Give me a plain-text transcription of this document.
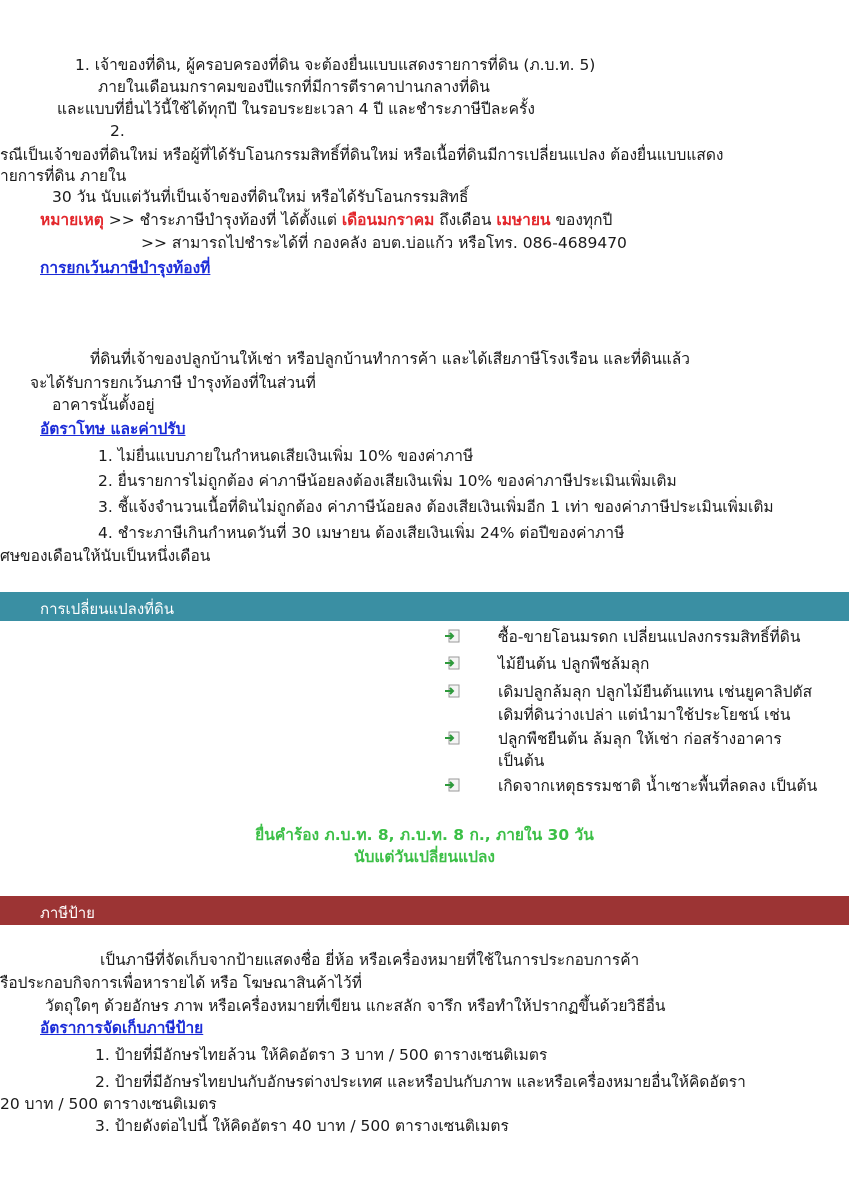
1. เจ้าของที่ดิน, ผู้ครอบครองที่ดิน จะต้องยื่นแบบแสดงรายการที่ดิน (ภ.บ.ท. 5)
ภายในเดือนมกราคมของปีแรกที่มีการตีราคาปานกลางที่ดิน
และแบบที่ยื่นไว้นี้ใช้ได้ทุกปี ในรอบระยะเวลา 4 ปี และชำระภาษีปีละครั้ง
2.
รณีเป็นเจ้าของที่ดินใหม่ หรือผู้ที่ได้รับโอนกรรมสิทธิ์ที่ดินใหม่ หรือเนื้อที่ดินมีการเปลี่ยนแปลง ต้องยื่นแบบแสดง
ายการที่ดิน ภายใน
30 วัน นับแต่วันที่เป็นเจ้าของที่ดินใหม่ หรือได้รับโอนกรรมสิทธิ์
หมายเหตุ >> ชำระภาษีบำรุงท้องที่ ได้ตั้งแต่ เดือนมกราคม ถึงเดือน เมษายน ของทุกปี
>> สามารถไปชำระได้ที่ กองคลัง อบต.บ่อแก้ว หรือโทร. 086-4689470
การยกเว้นภาษีบำรุงท้องที่
ที่ดินที่เจ้าของปลูกบ้านให้เช่า หรือปลูกบ้านทำการค้า และได้เสียภาษีโรงเรือน และที่ดินแล้ว
จะได้รับการยกเว้นภาษี บำรุงท้องที่ในส่วนที่
อาคารนั้นตั้งอยู่
อัตราโทษ และค่าปรับ
1. ไม่ยื่นแบบภายในกำหนดเสียเงินเพิ่ม 10% ของค่าภาษี
2. ยื่นรายการไม่ถูกต้อง ค่าภาษีน้อยลงต้องเสียเงินเพิ่ม 10% ของค่าภาษีประเมินเพิ่มเติม
3. ชี้แจ้งจำนวนเนื้อที่ดินไม่ถูกต้อง ค่าภาษีน้อยลง ต้องเสียเงินเพิ่มอีก 1 เท่า ของค่าภาษีประเมินเพิ่มเติม
4. ชำระภาษีเกินกำหนดวันที่ 30 เมษายน ต้องเสียเงินเพิ่ม 24% ต่อปีของค่าภาษี
ศษของเดือนให้นับเป็นหนึ่งเดือน
การเปลี่ยนแปลงที่ดิน
ซื้อ-ขายโอนมรดก เปลี่ยนแปลงกรรมสิทธิ์ที่ดิน
ไม้ยืนต้น ปลูกพืชล้มลุก
เดิมปลูกล้มลุก ปลูกไม้ยืนต้นแทน เช่นยูคาลิปตัส
เดิมที่ดินว่างเปล่า แต่นำมาใช้ประโยชน์ เช่น
ปลูกพืชยืนต้น ล้มลุก ให้เช่า ก่อสร้างอาคาร
เป็นต้น
เกิดจากเหตุธรรมชาติ น้ำเซาะพื้นที่ลดลง เป็นต้น
ยื่นคำร้อง ภ.บ.ท. 8, ภ.บ.ท. 8 ก., ภายใน 30 วัน
นับแต่วันเปลี่ยนแปลง
ภาษีป้าย
เป็นภาษีที่จัดเก็บจากป้ายแสดงชื่อ ยี่ห้อ หรือเครื่องหมายที่ใช้ในการประกอบการค้า
รือประกอบกิจการเพื่อหารายได้ หรือ โฆษณาสินค้าไว้ที่
วัตถุใดๆ ด้วยอักษร ภาพ หรือเครื่องหมายที่เขียน แกะสลัก จารึก หรือทำให้ปรากฏขึ้นด้วยวิธีอื่น
อัตราการจัดเก็บภาษีป้าย
1. ป้ายที่มีอักษรไทยล้วน ให้คิดอัตรา 3 บาท / 500 ตารางเซนติเมตร
2. ป้ายที่มีอักษรไทยปนกับอักษรต่างประเทศ และหรือปนกับภาพ และหรือเครื่องหมายอื่นให้คิดอัตรา
20 บาท / 500 ตารางเซนติเมตร
3. ป้ายดังต่อไปนี้ ให้คิดอัตรา 40 บาท / 500 ตารางเซนติเมตร
